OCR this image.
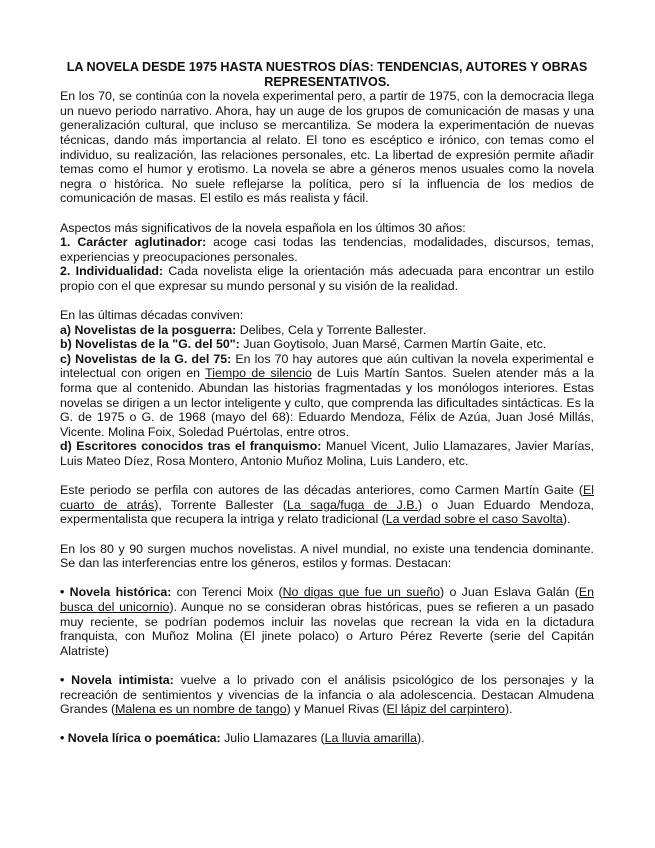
LA NOVELA DESDE 1975 HASTA NUESTROS DÍAS: TENDENCIAS, AUTORES Y OBRAS REPRESENTATIVOS.

En los 70, se continúa con la novela experimental pero, a partir de 1975, con la democracia llega un nuevo periodo narrativo. Ahora, hay un auge de los grupos de comunicación de masas y una generalización cultural, que incluso se mercantiliza. Se modera la experimentación de nuevas técnicas, dando más importancia al relato. El tono es escéptico e irónico, con temas como el individuo, su realización, las relaciones personales, etc. La libertad de expresión permite añadir temas como el humor y erotismo. La novela se abre a géneros menos usuales como la novela negra o histórica. No suele reflejarse la política, pero sí la influencia de los medios de comunicación de masas. El estilo es más realista y fácil.

Aspectos más significativos de la novela española en los últimos 30 años:

1. Carácter aglutinador: acoge casi todas las tendencias, modalidades, discursos, temas, experiencias y preocupaciones personales.

2. Individualidad: Cada novelista elige la orientación más adecuada para encontrar un estilo propio con el que expresar su mundo personal y su visión de la realidad.

En las últimas décadas conviven:

a) Novelistas de la posguerra: Delibes, Cela y Torrente Ballester.

b) Novelistas de la "G. del 50": Juan Goytisolo, Juan Marsé, Carmen Martín Gaite, etc.

c) Novelistas de la G. del 75: En los 70 hay autores que aún cultivan la novela experimental e intelectual con origen en Tiempo de silencio de Luis Martín Santos. Suelen atender más a la forma que al contenido. Abundan las historias fragmentadas y los monólogos interiores. Estas novelas se dirigen a un lector inteligente y culto, que comprenda las dificultades sintácticas. Es la G. de 1975 o G. de 1968 (mayo del 68): Eduardo Mendoza, Félix de Azúa, Juan José Millás, Vicente. Molina Foix, Soledad Puértolas, entre otros.

d) Escritores conocidos tras el franquismo: Manuel Vicent, Julio Llamazares, Javier Marías, Luis Mateo Díez, Rosa Montero, Antonio Muñoz Molina, Luis Landero, etc.

Este periodo se perfila con autores de las décadas anteriores, como Carmen Martín Gaite (El cuarto de atrás), Torrente Ballester (La saga/fuga de J.B.) o Juan Eduardo Mendoza, expermentalista que recupera la intriga y relato tradicional (La verdad sobre el caso Savolta).

En los 80 y 90 surgen muchos novelistas. A nivel mundial, no existe una tendencia dominante. Se dan las interferencias entre los géneros, estilos y formas. Destacan:

• Novela histórica: con Terenci Moix (No digas que fue un sueño) o Juan Eslava Galán (En busca del unicornio). Aunque no se consideran obras históricas, pues se refieren a un pasado muy reciente, se podrían podemos incluir las novelas que recrean la vida en la dictadura franquista, con Muñoz Molina (El jinete polaco) o Arturo Pérez Reverte (serie del Capitán Alatriste)

• Novela intimista: vuelve a lo privado con el análisis psicológico de los personajes y la recreación de sentimientos y vivencias de la infancia o ala adolescencia. Destacan Almudena Grandes (Malena es un nombre de tango) y Manuel Rivas (El lápiz del carpintero).

• Novela lírica o poemática: Julio Llamazares (La lluvia amarilla).
